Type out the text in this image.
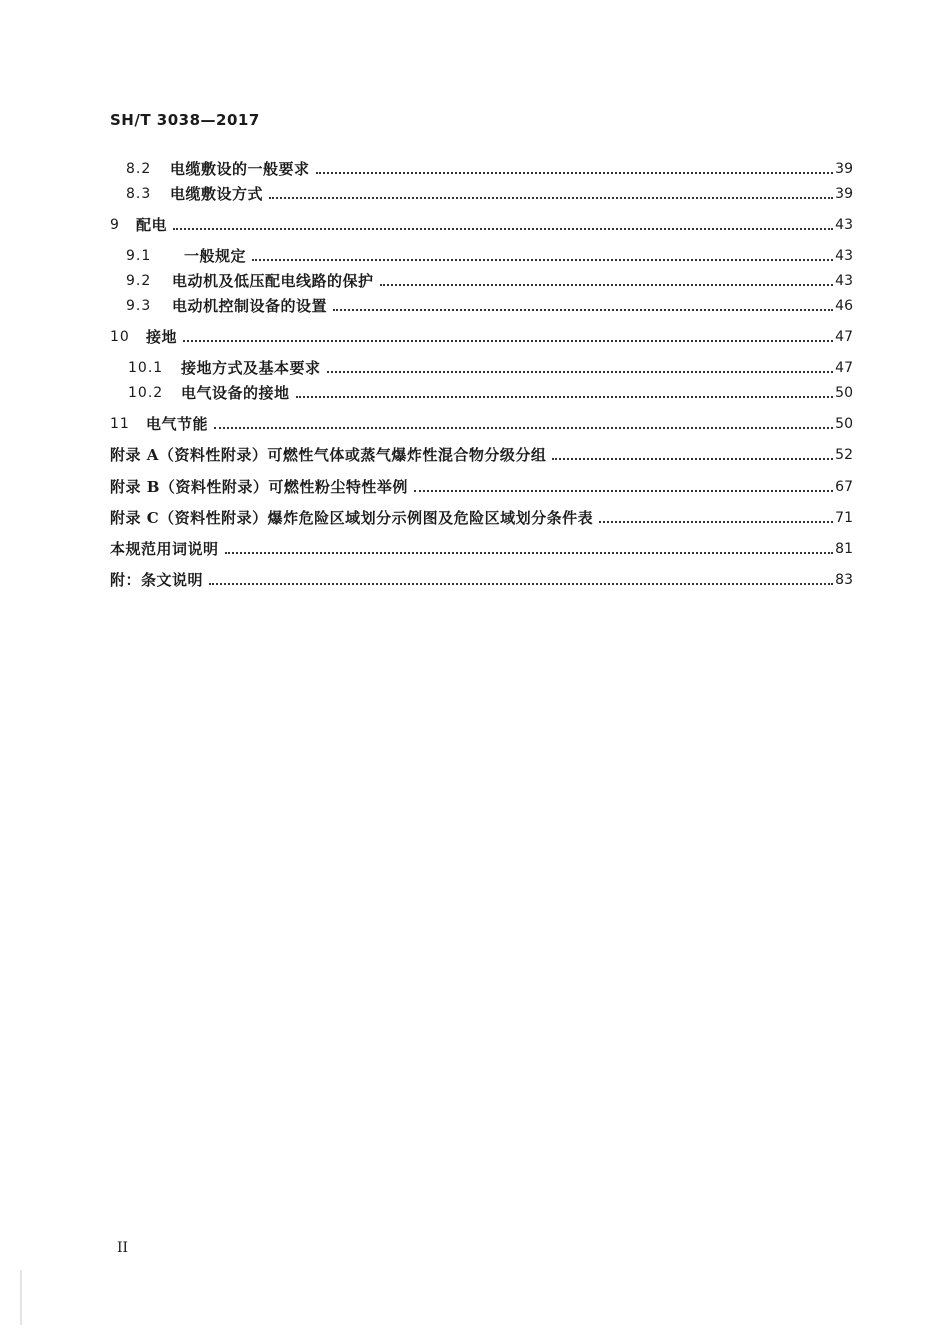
SH/T 3038—2017
8.2	电缆敷设的一般要求	39
8.3	电缆敷设方式	39
9	配电	43
9.1	一般规定	43
9.2	电动机及低压配电线路的保护	43
9.3	电动机控制设备的设置	46
10	接地	47
10.1	接地方式及基本要求	47
10.2	电气设备的接地	50
11	电气节能	50
附录 A（资料性附录）可燃性气体或蒸气爆炸性混合物分级分组	52
附录 B（资料性附录）可燃性粉尘特性举例	67
附录 C（资料性附录）爆炸危险区域划分示例图及危险区域划分条件表	71
本规范用词说明	81
附：条文说明	83
II
